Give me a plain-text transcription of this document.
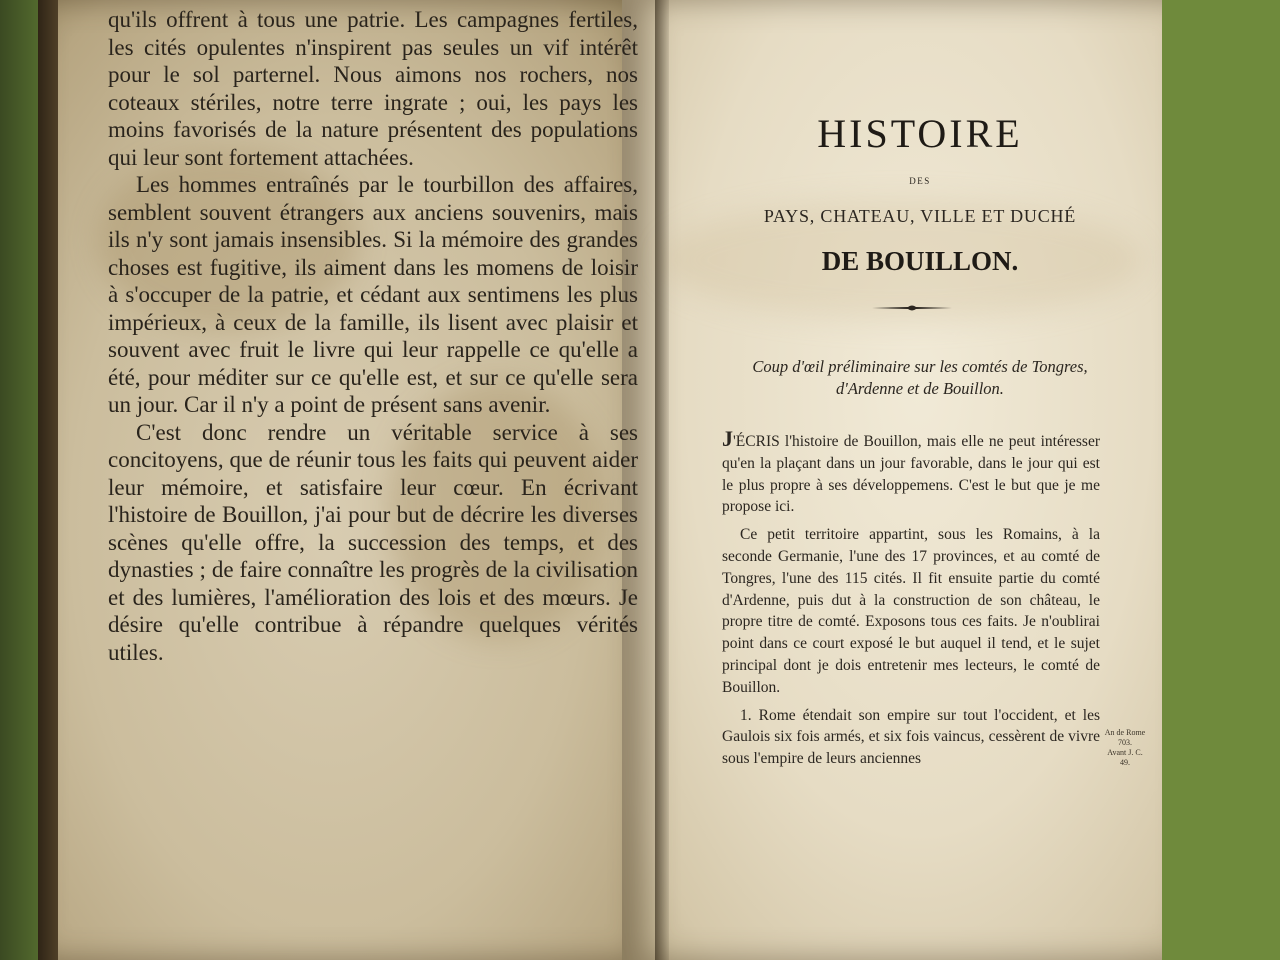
qu'ils offrent à tous une patrie. Les campagnes fertiles, les cités opulentes n'inspirent pas seules un vif intérêt pour le sol parternel. Nous aimons nos rochers, nos coteaux stériles, notre terre ingrate ; oui, les pays les moins favorisés de la nature présentent des populations qui leur sont fortement attachées.

Les hommes entraînés par le tourbillon des affaires, semblent souvent étrangers aux anciens souvenirs, mais ils n'y sont jamais insensibles. Si la mémoire des grandes choses est fugitive, ils aiment dans les momens de loisir à s'occuper de la patrie, et cédant aux sentimens les plus impérieux, à ceux de la famille, ils lisent avec plaisir et souvent avec fruit le livre qui leur rappelle ce qu'elle a été, pour méditer sur ce qu'elle est, et sur ce qu'elle sera un jour. Car il n'y a point de présent sans avenir.

C'est donc rendre un véritable service à ses concitoyens, que de réunir tous les faits qui peuvent aider leur mémoire, et satisfaire leur cœur. En écrivant l'histoire de Bouillon, j'ai pour but de décrire les diverses scènes qu'elle offre, la succession des temps, et des dynasties ; de faire connaître les progrès de la civilisation et des lumières, l'amélioration des lois et des mœurs. Je désire qu'elle contribue à répandre quelques vérités utiles.

HISTOIRE
DES
PAYS, CHATEAU, VILLE ET DUCHÉ
DE BOUILLON.
Coup d'œil préliminaire sur les comtés de Tongres, d'Ardenne et de Bouillon.

J'ÉCRIS l'histoire de Bouillon, mais elle ne peut intéresser qu'en la plaçant dans un jour favorable, dans le jour qui est le plus propre à ses développemens. C'est le but que je me propose ici.

Ce petit territoire appartint, sous les Romains, à la seconde Germanie, l'une des 17 provinces, et au comté de Tongres, l'une des 115 cités. Il fit ensuite partie du comté d'Ardenne, puis dut à la construction de son château, le propre titre de comté. Exposons tous ces faits. Je n'oublirai point dans ce court exposé le but auquel il tend, et le sujet principal dont je dois entretenir mes lecteurs, le comté de Bouillon.

1. Rome étendait son empire sur tout l'occident, et les Gaulois six fois armés, et six fois vaincus, cessèrent de vivre sous l'empire de leurs anciennes

An de Rome
703.
Avant J. C.
49.
